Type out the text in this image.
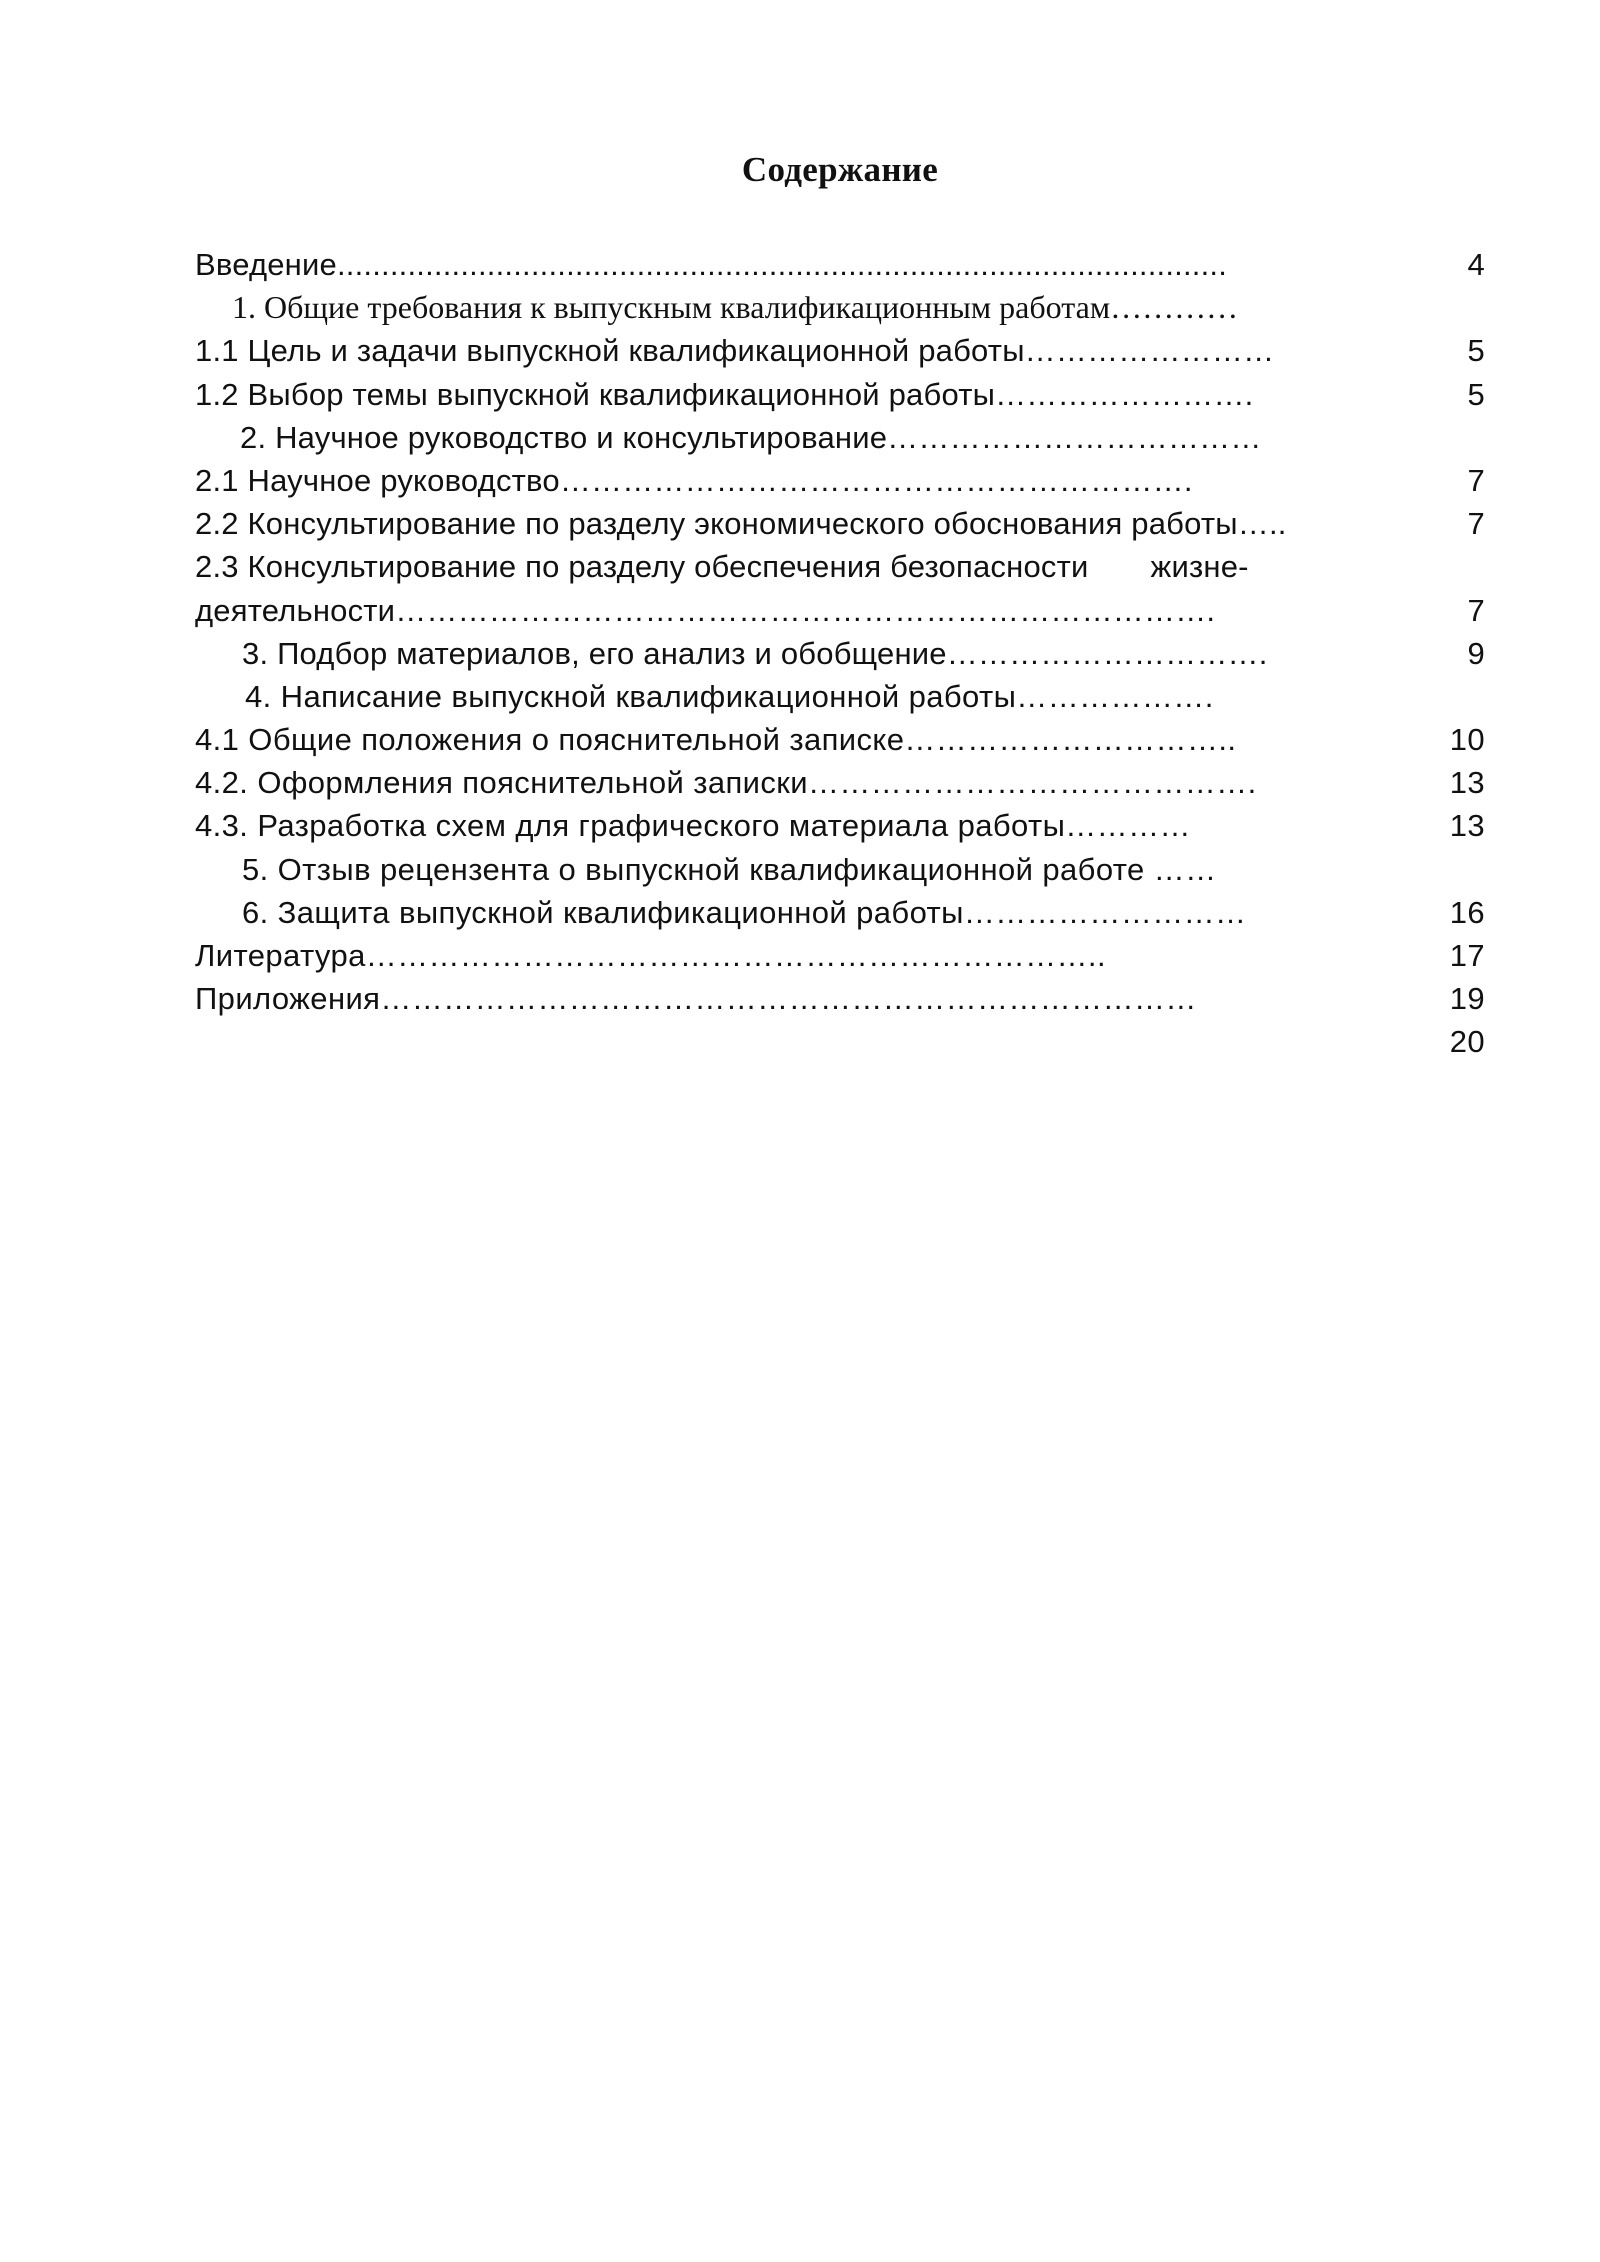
Содержание
Введение.....................................................................................................	4
1. Общие требования к выпускным квалификационным работам…………
1.1 Цель и задачи выпускной квалификационной работы……………………	5
1.2 Выбор темы выпускной квалификационной работы…………………….	5
2. Научное руководство и консультирование………………………………
2.1 Научное руководство…………………………………………………….	7
2.2 Консультирование по разделу экономического обоснования работы…..	7
2.3 Консультирование по разделу обеспечения безопасности жизне-
деятельности…………………………………………………………………….	7
3. Подбор материалов, его анализ и обобщение………………………….	9
4. Написание выпускной квалификационной работы……………….
4.1 Общие положения о пояснительной записке…………………………..	10
4.2. Оформления пояснительной записки…………………………………….	13
4.3. Разработка схем для графического материала работы…………	13
5. Отзыв рецензента о выпускной квалификационной работе ……
6. Защита выпускной квалификационной работы………………………	16
Литература……………………………………………………………..	17
Приложения……………………………………………………………………	19
20
